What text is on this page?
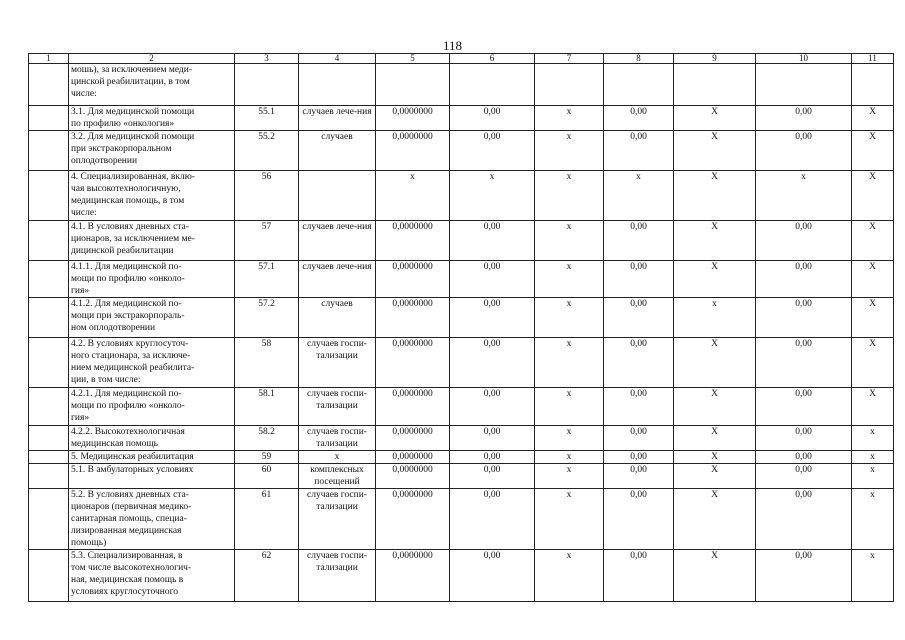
118
1	2	3	4	5	6	7	8	9	10	11

	мошь), за исключением меди-
цинской реабилитации, в том
числе:									

	3.1. Для медицинской помощи
по профилю «онкология»	55.1	случаев лече-ния	0,0000000	0,00	х	0,00	Х	0,00	Х

	3.2. Для медицинской помощи
при экстракорпоральном
оплодотворении	55.2	случаев	0,0000000	0,00	х	0,00	Х	0,00	Х

	4. Специализированная, вклю-
чая высокотехнологичную,
медицинская помощь, в том
числе:	56		х	х	х	х	Х	х	Х

	4.1. В условиях дневных ста-
ционаров, за исключением ме-
дицинской реабилитации	57	случаев лече-ния	0,0000000	0,00	х	0,00	Х	0,00	Х

	4.1.1. Для медицинской по-
мощи по профилю «онколо-
гия»	57.1	случаев лече-ния	0,0000000	0,00	х	0,00	Х	0,00	Х

	4.1.2. Для медицинской по-
мощи при экстракорпораль-
ном оплодотворении	57.2	случаев	0,0000000	0,00	х	0,00	х	0,00	Х

	4.2. В условиях круглосуточ-
ного стационара, за исключе-
нием медицинской реабилита-
ции, в том числе:	58	случаев госпи-тализации	0,0000000	0,00	х	0,00	Х	0,00	Х

	4.2.1. Для медицинской по-
мощи по профилю «онколо-
гия»	58.1	случаев госпи-тализации	0,0000000	0,00	х	0,00	Х	0,00	Х

	4.2.2. Высокотехнологичная
медицинская помощь	58.2	случаев госпи-тализации	0,0000000	0,00	х	0,00	Х	0,00	х

	5. Медицинская реабилитация	59	х	0,0000000	0,00	х	0,00	Х	0,00	х

	5.1. В амбулаторных условиях	60	комплексных посещений	0,0000000	0,00	х	0,00	Х	0,00	х

	5.2. В условиях дневных ста-
ционаров (первичная медико-
санитарная помощь, специа-
лизированная медицинская
помощь)	61	случаев госпи-тализации	0,0000000	0,00	х	0,00	Х	0,00	х

	5.3. Специализированная, в
том числе высокотехнологич-
ная, медицинская помощь в
условиях круглосуточного	62	случаев госпи-тализации	0,0000000	0,00	х	0,00	Х	0,00	х
